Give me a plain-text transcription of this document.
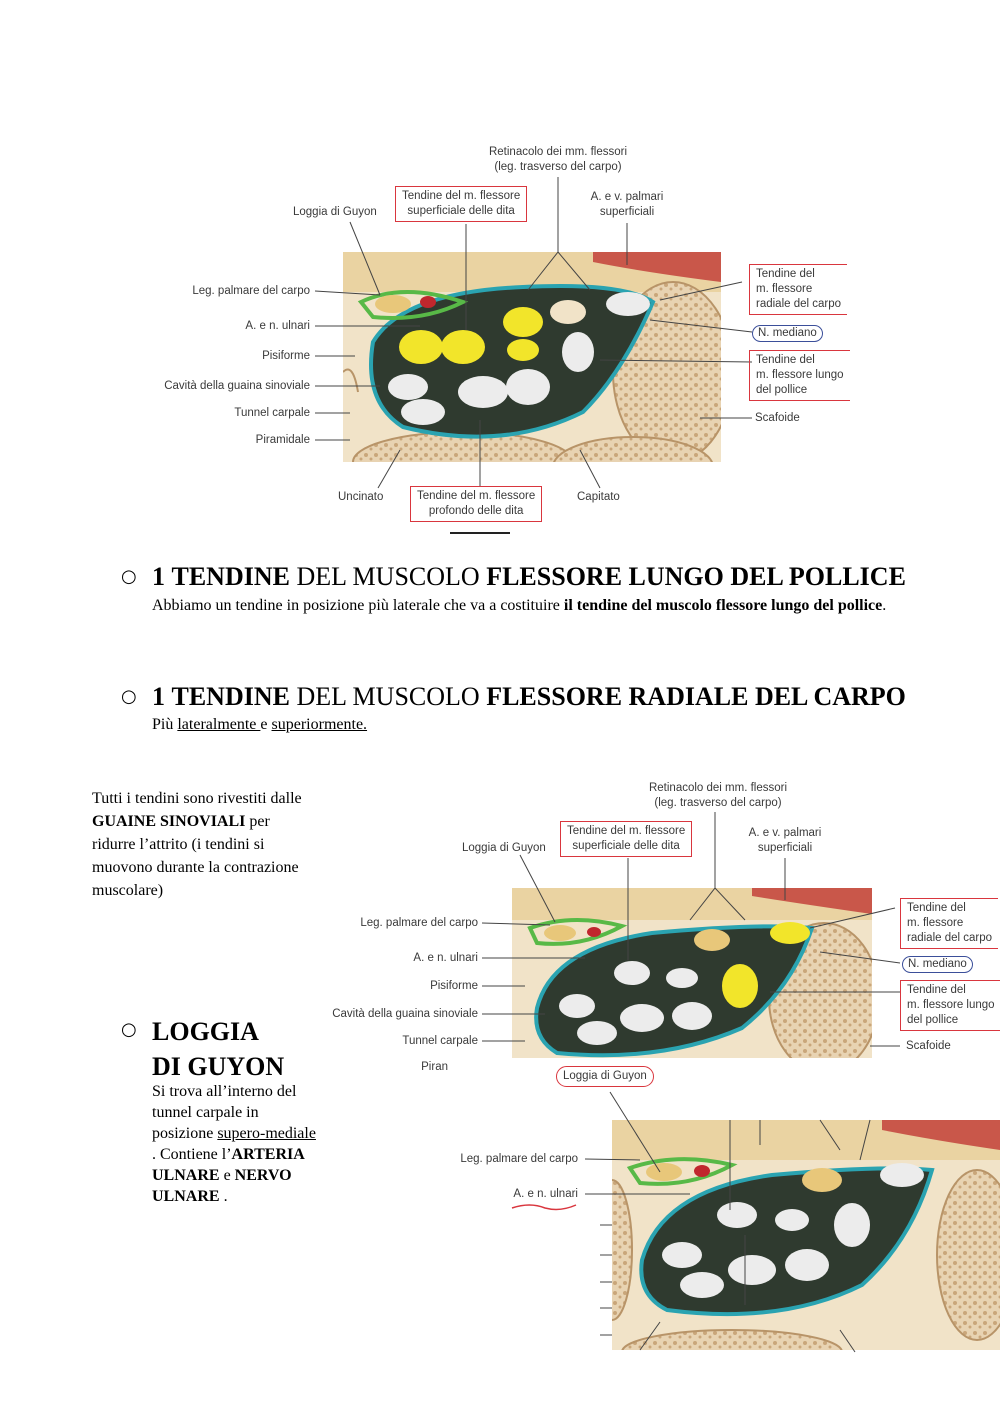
Retinacolo dei mm. flessori
(leg. trasverso del carpo)
Tendine del m. flessore
superficiale delle dita
A. e v. palmari
superficiali
Loggia di Guyon
Leg. palmare del carpo
A. e n. ulnari
Pisiforme
Cavità della guaina sinoviale
Tunnel carpale
Piramidale
Uncinato	Tendine del m. flessore
profondo delle dita
Capitato
Tendine del
m. flessore
radiale del carpo
N. mediano
Tendine del
m. flessore lungo
del pollice
Scafoide
○ 1 TENDINE DEL MUSCOLO FLESSORE LUNGO DEL POLLICE
Abbiamo un tendine in posizione più laterale che va a costituire il tendine del muscolo flessore lungo del pollice.
○ 1 TENDINE DEL MUSCOLO FLESSORE RADIALE DEL CARPO
Più lateralmente e superiormente.
Tutti i tendini sono rivestiti dalle GUAINE SINOVIALI per ridurre l’attrito (i tendini si muovono durante la contrazione muscolare)
Retinacolo dei mm. flessori
(leg. trasverso del carpo)
Tendine del m. flessore
superficiale delle dita
A. e v. palmari
superficiali
Loggia di Guyon
Leg. palmare del carpo
A. e n. ulnari
Pisiforme
Cavità della guaina sinoviale
Tunnel carpale
Piran
Tendine del
m. flessore
radiale del carpo
N. mediano
Tendine del
m. flessore lungo
del pollice
Scafoide
○ LOGGIA
DI GUYON
Si trova all’interno del tunnel carpale in posizione supero-mediale . Contiene l’ARTERIA ULNARE e NERVO ULNARE .
Loggia di Guyon
Leg. palmare del carpo
A. e n. ulnari
